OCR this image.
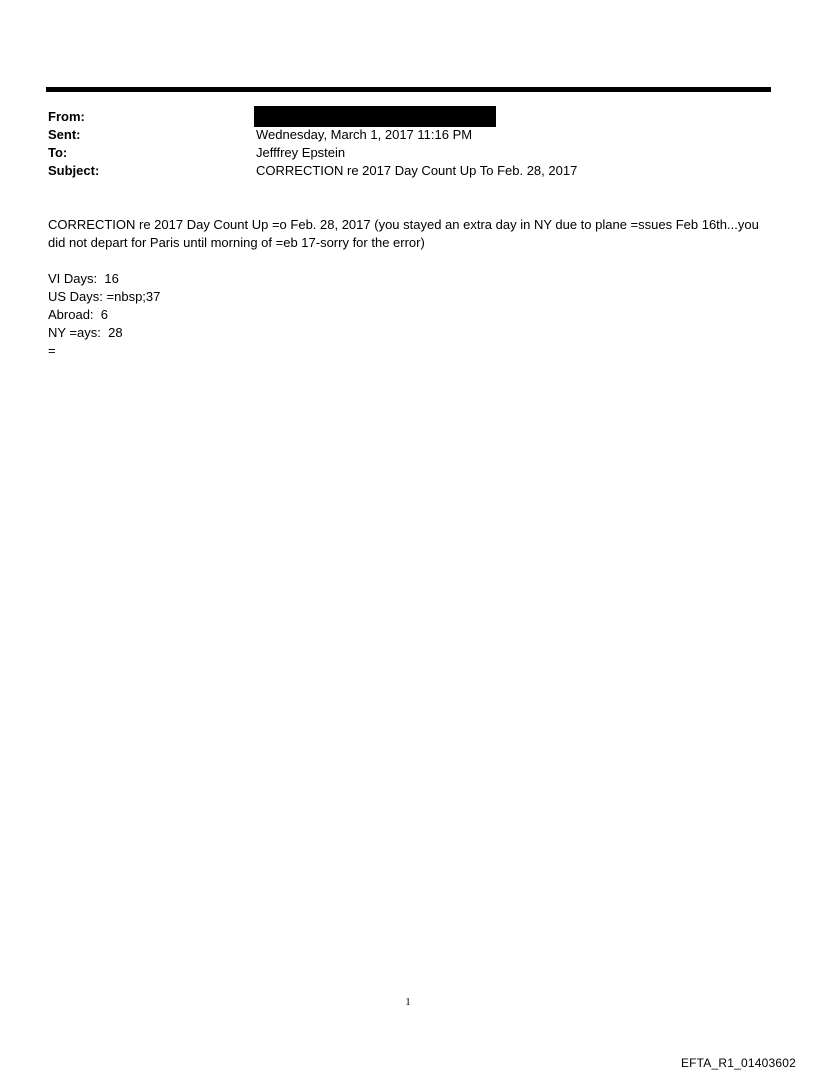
From:
Sent:	Wednesday, March 1, 2017 11:16 PM
To:	Jefffrey Epstein
Subject:	CORRECTION re 2017 Day Count Up To Feb. 28, 2017

CORRECTION re 2017 Day Count Up =o Feb. 28, 2017 (you stayed an extra day in NY due to plane =ssues Feb 16th...you
did not depart for Paris until morning of =eb 17-sorry for the error)

VI Days:  16
US Days: =nbsp;37
Abroad:  6
NY =ays:  28
=
1
EFTA_R1_01403602
